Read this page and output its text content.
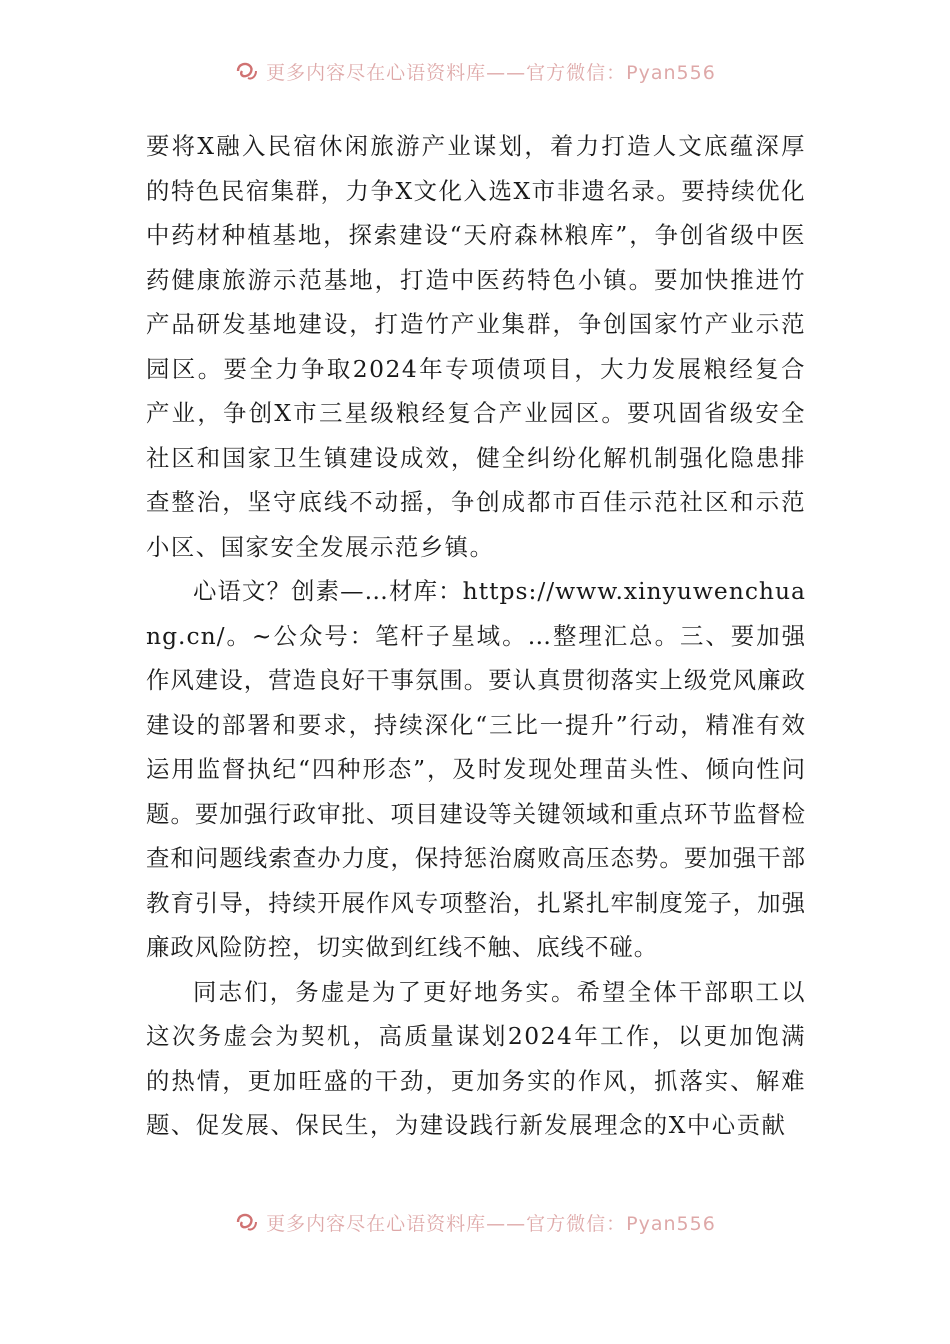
更多内容尽在心语资料库——官方微信：Pyan556

要将X融入民宿休闲旅游产业谋划，着力打造人文底蕴深厚的特色民宿集群，力争X文化入选X市非遗名录。要持续优化中药材种植基地，探索建设“天府森林粮库”，争创省级中医药健康旅游示范基地，打造中医药特色小镇。要加快推进竹产品研发基地建设，打造竹产业集群，争创国家竹产业示范园区。要全力争取2024年专项债项目，大力发展粮经复合产业，争创X市三星级粮经复合产业园区。要巩固省级安全社区和国家卫生镇建设成效，健全纠纷化解机制强化隐患排查整治，坚守底线不动摇，争创成都市百佳示范社区和示范小区、国家安全发展示范乡镇。

心语文？创素—…材库：https://www.xinyuwenchuang.cn/。~公众号：笔杆子星域。…整理汇总。三、要加强作风建设，营造良好干事氛围。要认真贯彻落实上级党风廉政建设的部署和要求，持续深化“三比一提升”行动，精准有效运用监督执纪“四种形态”，及时发现处理苗头性、倾向性问题。要加强行政审批、项目建设等关键领域和重点环节监督检查和问题线索查办力度，保持惩治腐败高压态势。要加强干部教育引导，持续开展作风专项整治，扎紧扎牢制度笼子，加强廉政风险防控，切实做到红线不触、底线不碰。

同志们，务虚是为了更好地务实。希望全体干部职工以这次务虚会为契机，高质量谋划2024年工作，以更加饱满的热情，更加旺盛的干劲，更加务实的作风，抓落实、解难题、促发展、保民生，为建设践行新发展理念的X中心贡献

更多内容尽在心语资料库——官方微信：Pyan556
